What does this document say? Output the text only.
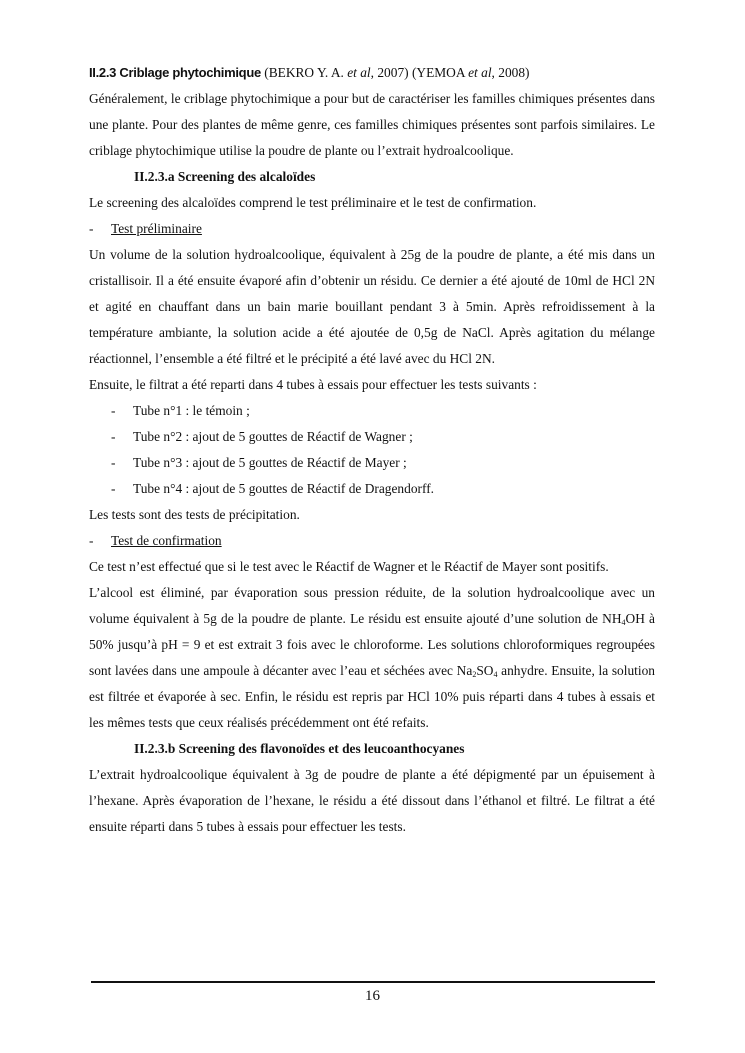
II.2.3 Criblage phytochimique (BEKRO Y. A. et al, 2007) (YEMOA et al, 2008)

Généralement, le criblage phytochimique a pour but de caractériser les familles chimiques présentes dans une plante. Pour des plantes de même genre, ces familles chimiques présentes sont parfois similaires. Le criblage phytochimique utilise la poudre de plante ou l’extrait hydroalcoolique.

II.2.3.a Screening des alcaloïdes

Le screening des alcaloïdes comprend le test préliminaire et le test de confirmation.

-	Test préliminaire

Un volume de la solution hydroalcoolique, équivalent à 25g de la poudre de plante, a été mis dans un cristallisoir. Il a été ensuite évaporé afin d’obtenir un résidu. Ce dernier a été ajouté de 10ml de HCl 2N et agité en chauffant dans un bain marie bouillant pendant 3 à 5min. Après refroidissement à la température ambiante, la solution acide a été ajoutée de 0,5g de NaCl. Après agitation du mélange réactionnel, l’ensemble a été filtré et le précipité a été lavé avec du HCl 2N.

Ensuite, le filtrat a été reparti dans 4 tubes à essais pour effectuer les tests suivants :

-	Tube n°1 : le témoin ;
-	Tube n°2 : ajout de 5 gouttes de Réactif de Wagner ;
-	Tube n°3 : ajout de 5 gouttes de Réactif de Mayer ;
-	Tube n°4 : ajout de 5 gouttes de Réactif de Dragendorff.

Les tests sont des tests de précipitation.

-	Test de confirmation

Ce test n’est effectué que si le test avec le Réactif de Wagner et le Réactif de Mayer sont positifs.

L’alcool est éliminé, par évaporation sous pression réduite, de la solution hydroalcoolique avec un volume équivalent à 5g de la poudre de plante. Le résidu est ensuite ajouté d’une solution de $NH_4OH$ à 50% jusqu’à pH = 9 et est extrait 3 fois avec le chloroforme. Les solutions chloroformiques regroupées sont lavées dans une ampoule à décanter avec l’eau et séchées avec $Na_2SO_4$ anhydre. Ensuite, la solution est filtrée et évaporée à sec. Enfin, le résidu est repris par HCl 10% puis réparti dans 4 tubes à essais et les mêmes tests que ceux réalisés précédemment ont été refaits.

II.2.3.b Screening des flavonoïdes et des leucoanthocyanes

L’extrait hydroalcoolique équivalent à 3g de poudre de plante a été dépigmenté par un épuisement à l’hexane. Après évaporation de l’hexane, le résidu a été dissout dans l’éthanol et filtré. Le filtrat a été ensuite réparti dans 5 tubes à essais pour effectuer les tests.

16
